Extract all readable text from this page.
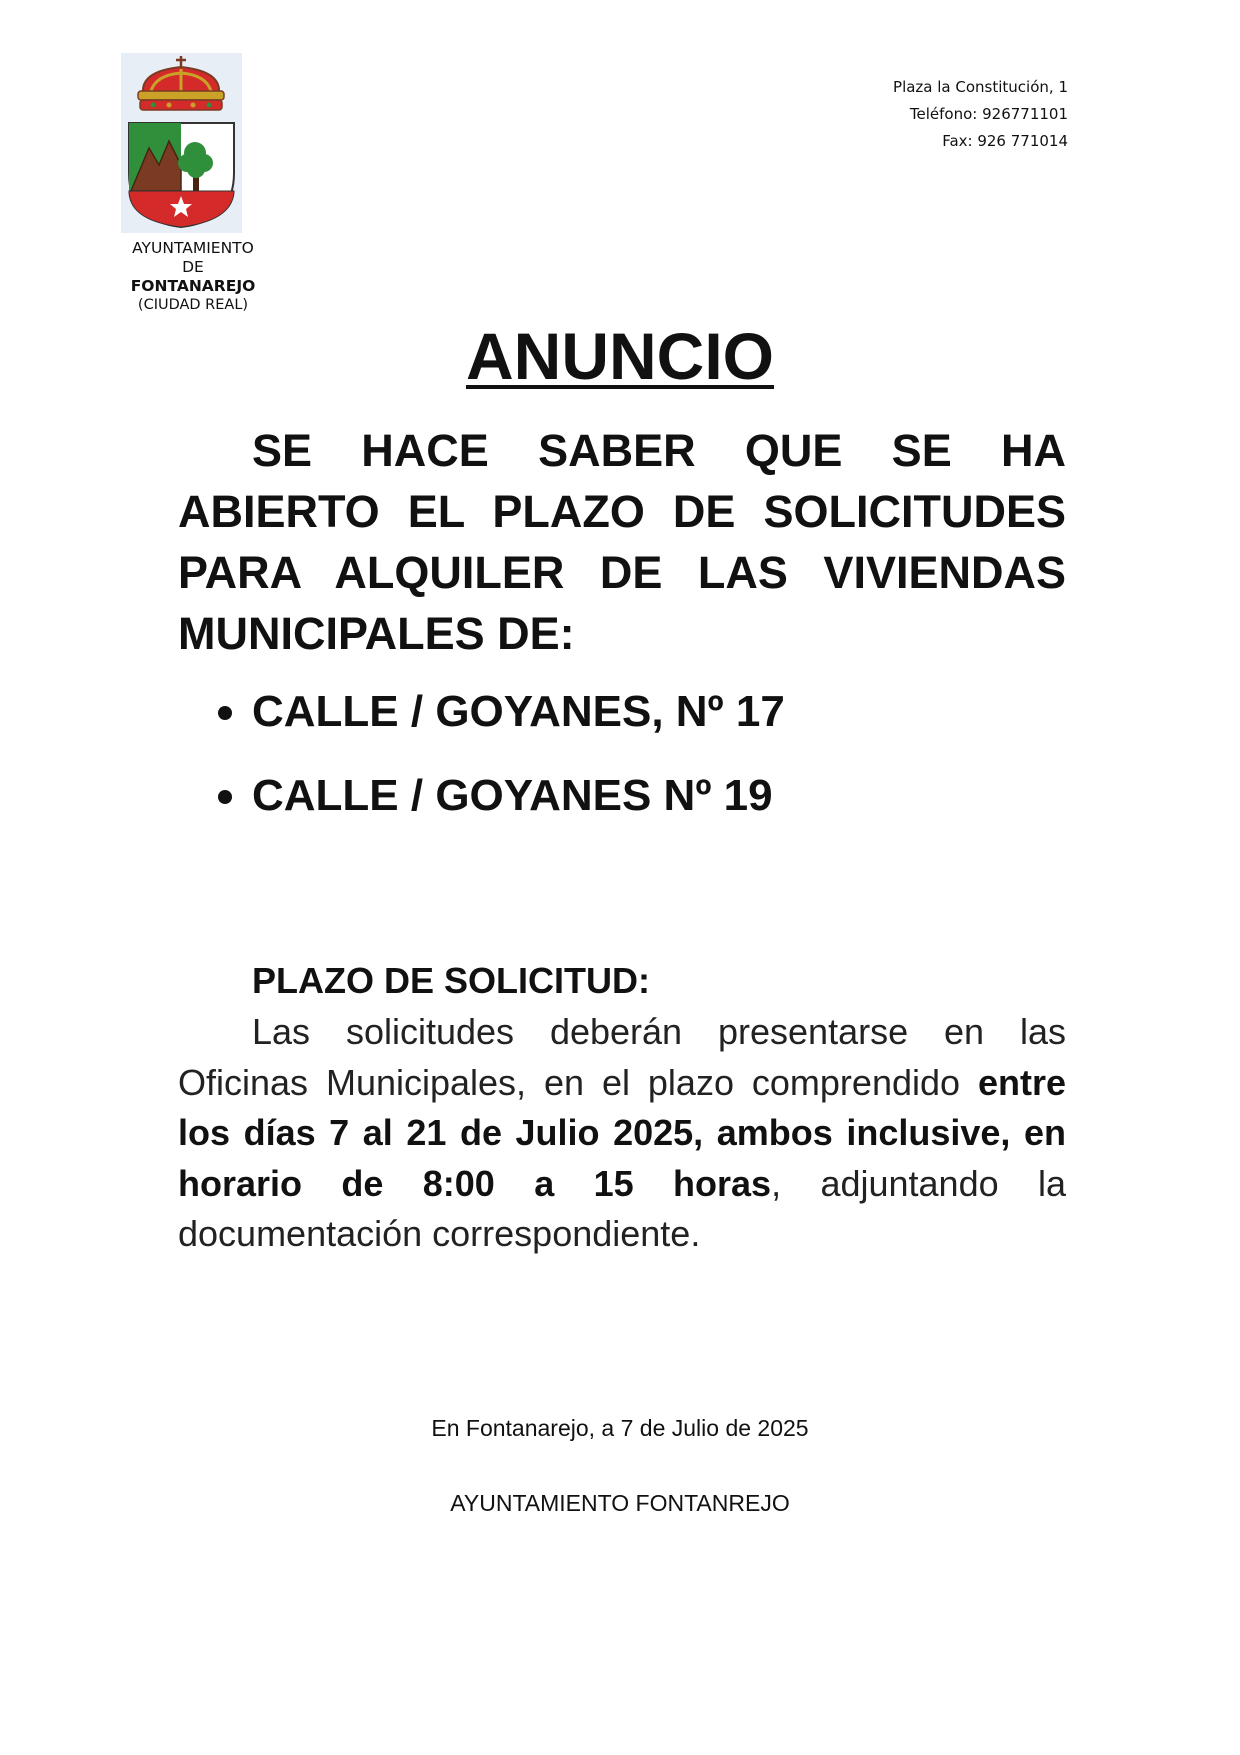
AYUNTAMIENTO
DE
FONTANAREJO
(CIUDAD REAL)
Plaza la Constitución, 1
Teléfono: 926771101
Fax: 926 771014
ANUNCIO

SE HACE SABER QUE SE HA ABIERTO EL PLAZO DE SOLICITUDES PARA ALQUILER DE LAS VIVIENDAS MUNICIPALES DE:

CALLE / GOYANES, Nº 17
CALLE / GOYANES Nº 19
PLAZO DE SOLICITUD:

Las solicitudes deberán presentarse en las Oficinas Municipales, en el plazo comprendido entre los días 7 al 21 de Julio 2025, ambos inclusive, en horario de 8:00 a 15 horas, adjuntando la documentación correspondiente.

En Fontanarejo, a 7 de Julio de 2025
AYUNTAMIENTO FONTANREJO
